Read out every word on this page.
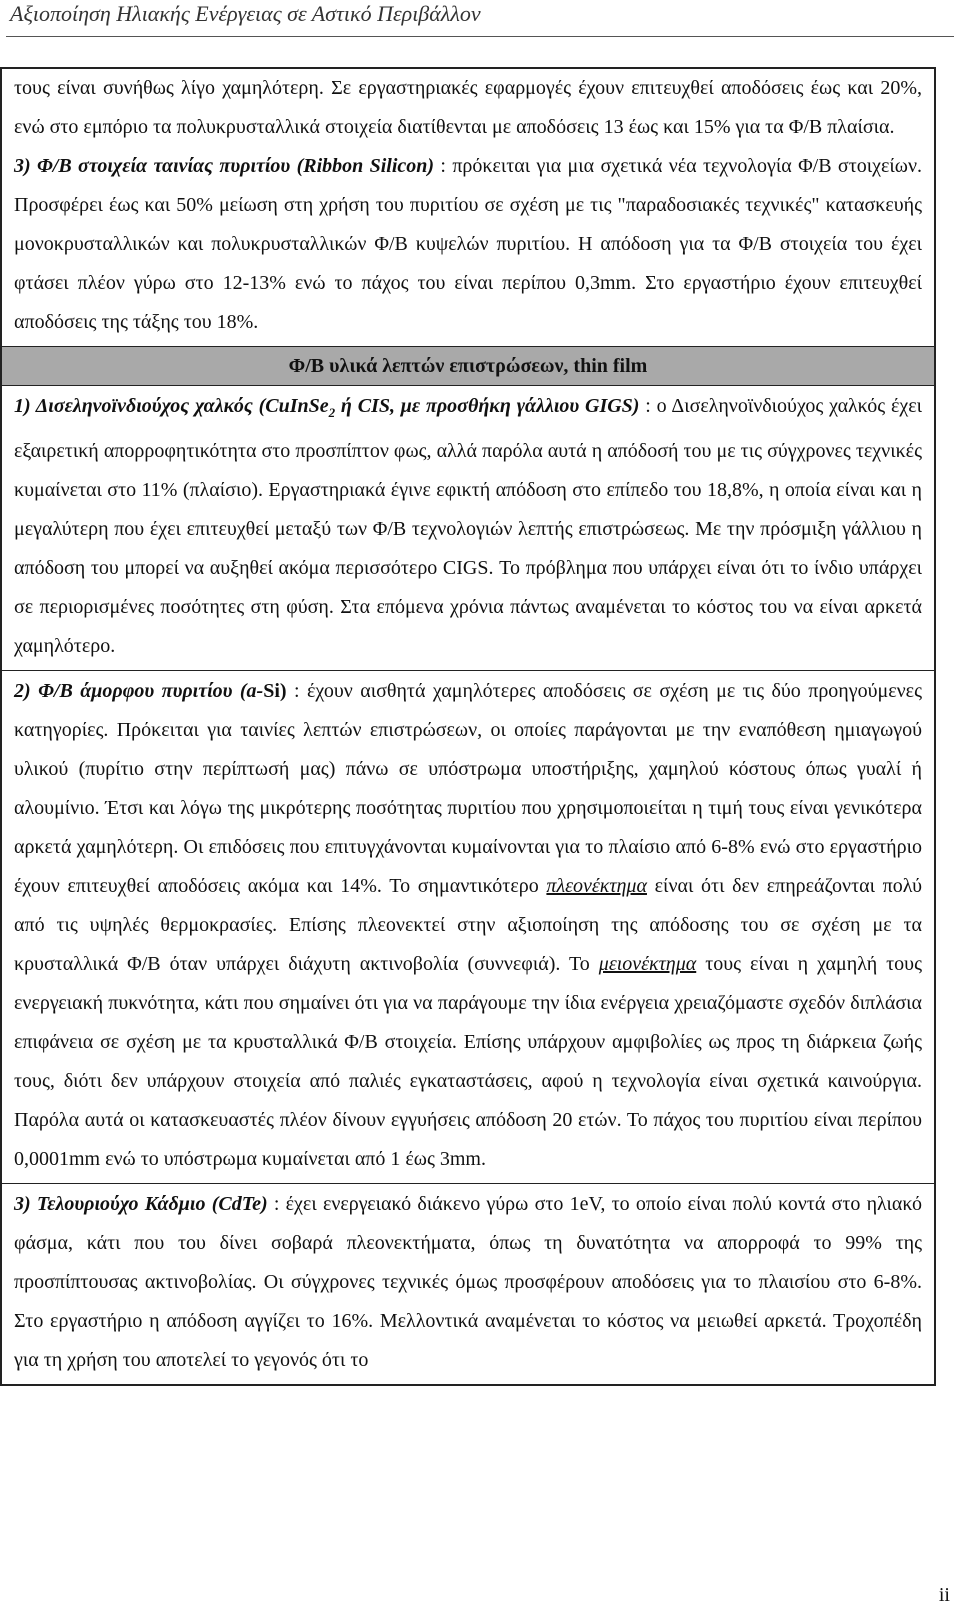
Αξιοποίηση Ηλιακής Ενέργειας σε Αστικό Περιβάλλον
τους είναι συνήθως λίγο χαμηλότερη. Σε εργαστηριακές εφαρμογές έχουν επιτευχθεί αποδόσεις έως και 20%, ενώ στο εμπόριο τα πολυκρυσταλλικά στοιχεία διατίθενται με αποδόσεις 13 έως και 15% για τα Φ/Β πλαίσια.
3) Φ/Β στοιχεία ταινίας πυριτίου (Ribbon Silicon) : πρόκειται για μια σχετικά νέα τεχνολογία Φ/Β στοιχείων. Προσφέρει έως και 50% μείωση στη χρήση του πυριτίου σε σχέση με τις "παραδοσιακές τεχνικές" κατασκευής μονοκρυσταλλικών και πολυκρυσταλλικών Φ/Β κυψελών πυριτίου. Η απόδοση για τα Φ/Β στοιχεία του έχει φτάσει πλέον γύρω στο 12-13% ενώ το πάχος του είναι περίπου 0,3mm. Στο εργαστήριο έχουν επιτευχθεί αποδόσεις της τάξης του 18%.
Φ/Β υλικά λεπτών επιστρώσεων, thin film
1) Δισεληνοϊνδιούχος χαλκός (CuInSe$_2$ ή CIS, με προσθήκη γάλλιου GIGS) : ο Δισεληνοϊνδιούχος χαλκός έχει εξαιρετική απορροφητικότητα στο προσπίπτον φως, αλλά παρόλα αυτά η απόδοσή του με τις σύγχρονες τεχνικές κυμαίνεται στο 11% (πλαίσιο). Εργαστηριακά έγινε εφικτή απόδοση στο επίπεδο του 18,8%, η οποία είναι και η μεγαλύτερη που έχει επιτευχθεί μεταξύ των Φ/Β τεχνολογιών λεπτής επιστρώσεως. Με την πρόσμιξη γάλλιου η απόδοση του μπορεί να αυξηθεί ακόμα περισσότερο CIGS. Το πρόβλημα που υπάρχει είναι ότι το ίνδιο υπάρχει σε περιορισμένες ποσότητες στη φύση. Στα επόμενα χρόνια πάντως αναμένεται το κόστος του να είναι αρκετά χαμηλότερο.
2) Φ/Β άμορφου πυριτίου (a-Si) : έχουν αισθητά χαμηλότερες αποδόσεις σε σχέση με τις δύο προηγούμενες κατηγορίες. Πρόκειται για ταινίες λεπτών επιστρώσεων, οι οποίες παράγονται με την εναπόθεση ημιαγωγού υλικού (πυρίτιο στην περίπτωσή μας) πάνω σε υπόστρωμα υποστήριξης, χαμηλού κόστους όπως γυαλί ή αλουμίνιο. Έτσι και λόγω της μικρότερης ποσότητας πυριτίου που χρησιμοποιείται η τιμή τους είναι γενικότερα αρκετά χαμηλότερη. Οι επιδόσεις που επιτυγχάνονται κυμαίνονται για το πλαίσιο από 6-8% ενώ στο εργαστήριο έχουν επιτευχθεί αποδόσεις ακόμα και 14%. Το σημαντικότερο πλεονέκτημα είναι ότι δεν επηρεάζονται πολύ από τις υψηλές θερμοκρασίες. Επίσης πλεονεκτεί στην αξιοποίηση της απόδοσης του σε σχέση με τα κρυσταλλικά Φ/Β όταν υπάρχει διάχυτη ακτινοβολία (συννεφιά). Το μειονέκτημα τους είναι η χαμηλή τους ενεργειακή πυκνότητα, κάτι που σημαίνει ότι για να παράγουμε την ίδια ενέργεια χρειαζόμαστε σχεδόν διπλάσια επιφάνεια σε σχέση με τα κρυσταλλικά Φ/Β στοιχεία. Επίσης υπάρχουν αμφιβολίες ως προς τη διάρκεια ζωής τους, διότι δεν υπάρχουν στοιχεία από παλιές εγκαταστάσεις, αφού η τεχνολογία είναι σχετικά καινούργια. Παρόλα αυτά οι κατασκευαστές πλέον δίνουν εγγυήσεις απόδοση 20 ετών. Το πάχος του πυριτίου είναι περίπου 0,0001mm ενώ το υπόστρωμα κυμαίνεται από 1 έως 3mm.
3) Τελουριούχο Κάδμιο (CdTe) : έχει ενεργειακό διάκενο γύρω στο 1eV, το οποίο είναι πολύ κοντά στο ηλιακό φάσμα, κάτι που του δίνει σοβαρά πλεονεκτήματα, όπως τη δυνατότητα να απορροφά το 99% της προσπίπτουσας ακτινοβολίας. Οι σύγχρονες τεχνικές όμως προσφέρουν αποδόσεις για το πλαισίου στο 6-8%. Στο εργαστήριο η απόδοση αγγίζει το 16%. Μελλοντικά αναμένεται το κόστος να μειωθεί αρκετά. Τροχοπέδη για τη χρήση του αποτελεί το γεγονός ότι το
ii
